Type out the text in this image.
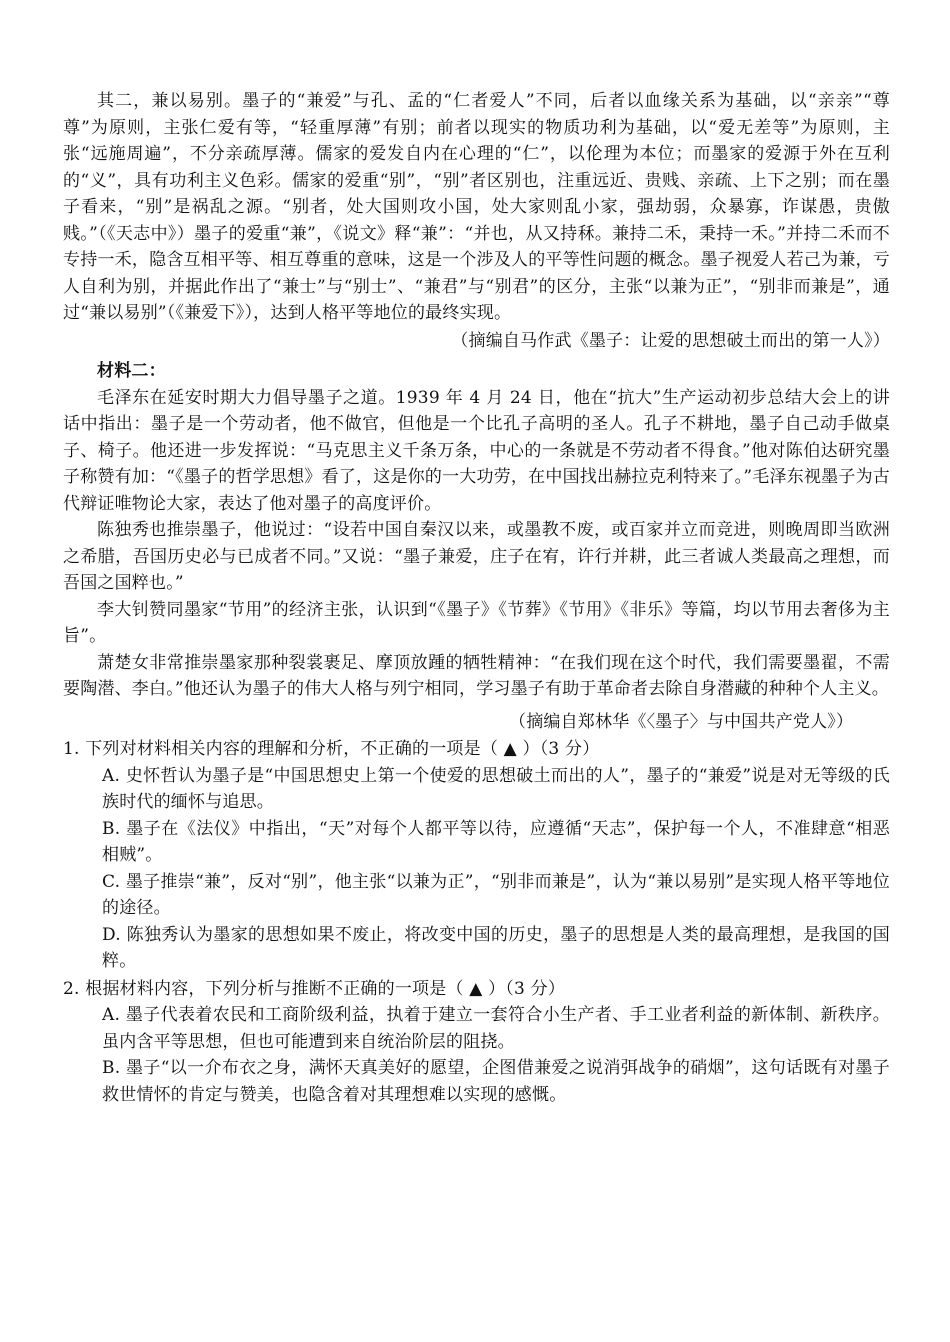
其二，兼以易别。墨子的“兼爱”与孔、孟的“仁者爱人”不同，后者以血缘关系为基础，以“亲亲”“尊尊”为原则，主张仁爱有等，“轻重厚薄”有别；前者以现实的物质功利为基础，以“爱无差等”为原则，主张“远施周遍”，不分亲疏厚薄。儒家的爱发自内在心理的“仁”，以伦理为本位；而墨家的爱源于外在互利的“义”，具有功利主义色彩。儒家的爱重“别”，“别”者区别也，注重远近、贵贱、亲疏、上下之别；而在墨子看来，“别”是祸乱之源。“别者，处大国则攻小国，处大家则乱小家，强劫弱，众暴寡，诈谋愚，贵傲贱。”（《天志中》）墨子的爱重“兼”，《说文》释“兼”：“并也，从又持秝。兼持二禾，秉持一禾。”并持二禾而不专持一禾，隐含互相平等、相互尊重的意味，这是一个涉及人的平等性问题的概念。墨子视爱人若己为兼，亏人自利为别，并据此作出了“兼士”与“别士”、“兼君”与“别君”的区分，主张“以兼为正”，“别非而兼是”，通过“兼以易别”（《兼爱下》），达到人格平等地位的最终实现。

（摘编自马作武《墨子：让爱的思想破土而出的第一人》）

材料二：

毛泽东在延安时期大力倡导墨子之道。1939 年 4 月 24 日，他在“抗大”生产运动初步总结大会上的讲话中指出：墨子是一个劳动者，他不做官，但他是一个比孔子高明的圣人。孔子不耕地，墨子自己动手做桌子、椅子。他还进一步发挥说：“马克思主义千条万条，中心的一条就是不劳动者不得食。”他对陈伯达研究墨子称赞有加：“《墨子的哲学思想》看了，这是你的一大功劳，在中国找出赫拉克利特来了。”毛泽东视墨子为古代辩证唯物论大家，表达了他对墨子的高度评价。

陈独秀也推崇墨子，他说过：“设若中国自秦汉以来，或墨教不废，或百家并立而竞进，则晚周即当欧洲之希腊，吾国历史必与已成者不同。”又说：“墨子兼爱，庄子在宥，许行并耕，此三者诚人类最高之理想，而吾国之国粹也。”

李大钊赞同墨家“节用”的经济主张，认识到“《墨子》《节葬》《节用》《非乐》等篇，均以节用去奢侈为主旨”。

萧楚女非常推崇墨家那种裂裳裹足、摩顶放踵的牺牲精神：“在我们现在这个时代，我们需要墨翟，不需要陶潜、李白。”他还认为墨子的伟大人格与列宁相同，学习墨子有助于革命者去除自身潜藏的种种个人主义。

（摘编自郑林华《〈墨子〉与中国共产党人》）

1. 下列对材料相关内容的理解和分析，不正确的一项是（ ▲ ）（3 分）

A. 史怀哲认为墨子是“中国思想史上第一个使爱的思想破土而出的人”，墨子的“兼爱”说是对无等级的氏族时代的缅怀与追思。

B. 墨子在《法仪》中指出，“天”对每个人都平等以待，应遵循“天志”，保护每一个人，不准肆意“相恶相贼”。

C. 墨子推崇“兼”，反对“别”，他主张“以兼为正”，“别非而兼是”，认为“兼以易别”是实现人格平等地位的途径。

D. 陈独秀认为墨家的思想如果不废止，将改变中国的历史，墨子的思想是人类的最高理想，是我国的国粹。

2. 根据材料内容，下列分析与推断不正确的一项是（ ▲ ）（3 分）

A. 墨子代表着农民和工商阶级利益，执着于建立一套符合小生产者、手工业者利益的新体制、新秩序。虽内含平等思想，但也可能遭到来自统治阶层的阻挠。

B. 墨子“以一介布衣之身，满怀天真美好的愿望，企图借兼爱之说消弭战争的硝烟”，这句话既有对墨子救世情怀的肯定与赞美，也隐含着对其理想难以实现的感慨。
